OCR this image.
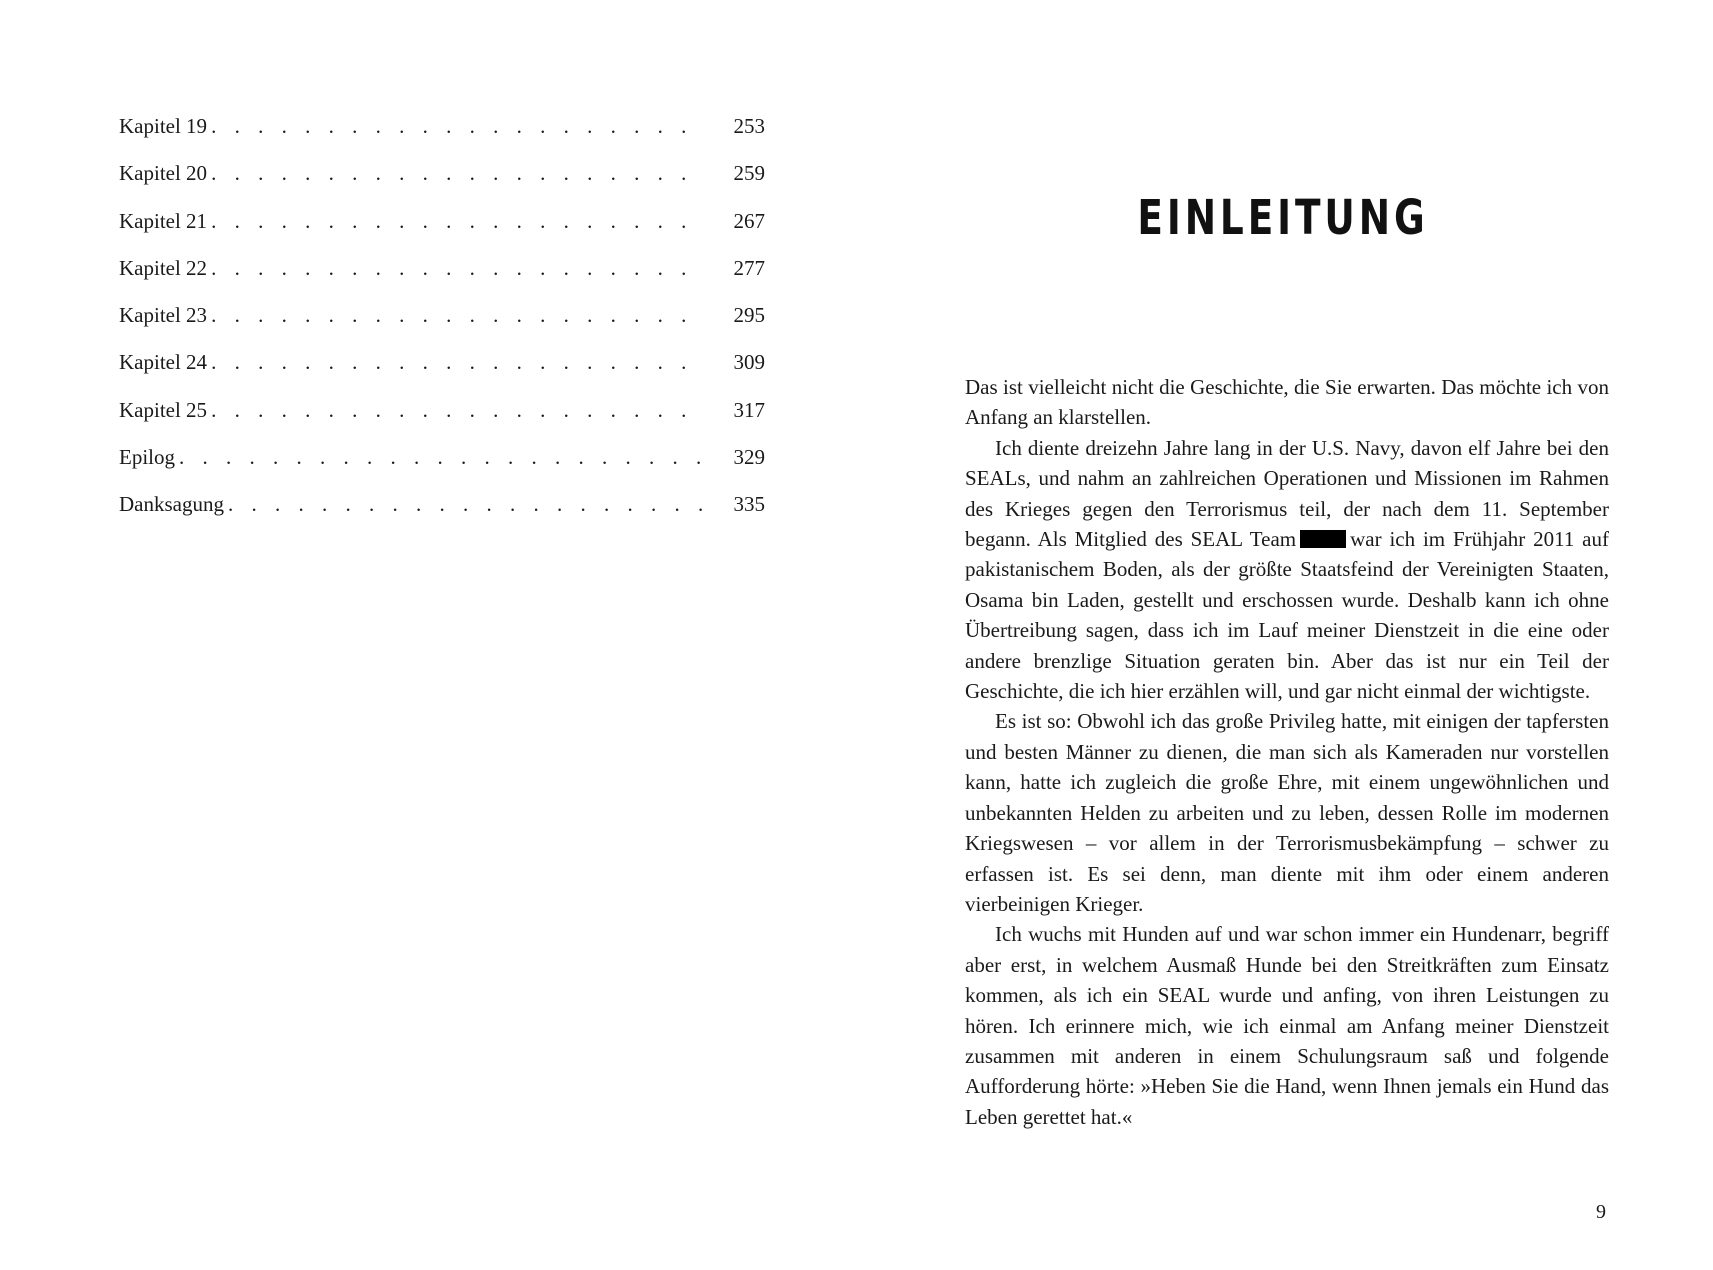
Kapitel 19 . . .	253
Kapitel 20 . . .	259
Kapitel 21 . . .	267
Kapitel 22 . . .	277
Kapitel 23 . . .	295
Kapitel 24 . . .	309
Kapitel 25 . . .	317
Epilog . . .	329
Danksagung . . .	335
EINLEITUNG

Das ist vielleicht nicht die Geschichte, die Sie erwarten. Das möchte ich von Anfang an klarstellen.

Ich diente dreizehn Jahre lang in der U.S. Navy, davon elf Jahre bei den SEALs, und nahm an zahlreichen Operationen und Missionen im Rahmen des Krieges gegen den Terrorismus teil, der nach dem 11. September begann. Als Mitglied des SEAL Team	war ich im Frühjahr 2011 auf pakistanischem Boden, als der größte Staatsfeind der Vereinigten Staaten, Osama bin Laden, gestellt und erschossen wurde. Deshalb kann ich ohne Übertreibung sagen, dass ich im Lauf meiner Dienstzeit in die eine oder andere brenzlige Situation geraten bin. Aber das ist nur ein Teil der Geschichte, die ich hier erzählen will, und gar nicht einmal der wichtigste.

Es ist so: Obwohl ich das große Privileg hatte, mit einigen der tapfersten und besten Männer zu dienen, die man sich als Kameraden nur vorstellen kann, hatte ich zugleich die große Ehre, mit einem ungewöhnlichen und unbekannten Helden zu arbeiten und zu leben, dessen Rolle im modernen Kriegswesen – vor allem in der Terrorismusbekämpfung – schwer zu erfassen ist. Es sei denn, man diente mit ihm oder einem anderen vierbeinigen Krieger.

Ich wuchs mit Hunden auf und war schon immer ein Hundenarr, begriff aber erst, in welchem Ausmaß Hunde bei den Streitkräften zum Einsatz kommen, als ich ein SEAL wurde und anfing, von ihren Leistungen zu hören. Ich erinnere mich, wie ich einmal am Anfang meiner Dienstzeit zusammen mit anderen in einem Schulungsraum saß und folgende Aufforderung hörte: »Heben Sie die Hand, wenn Ihnen jemals ein Hund das Leben gerettet hat.«

9
